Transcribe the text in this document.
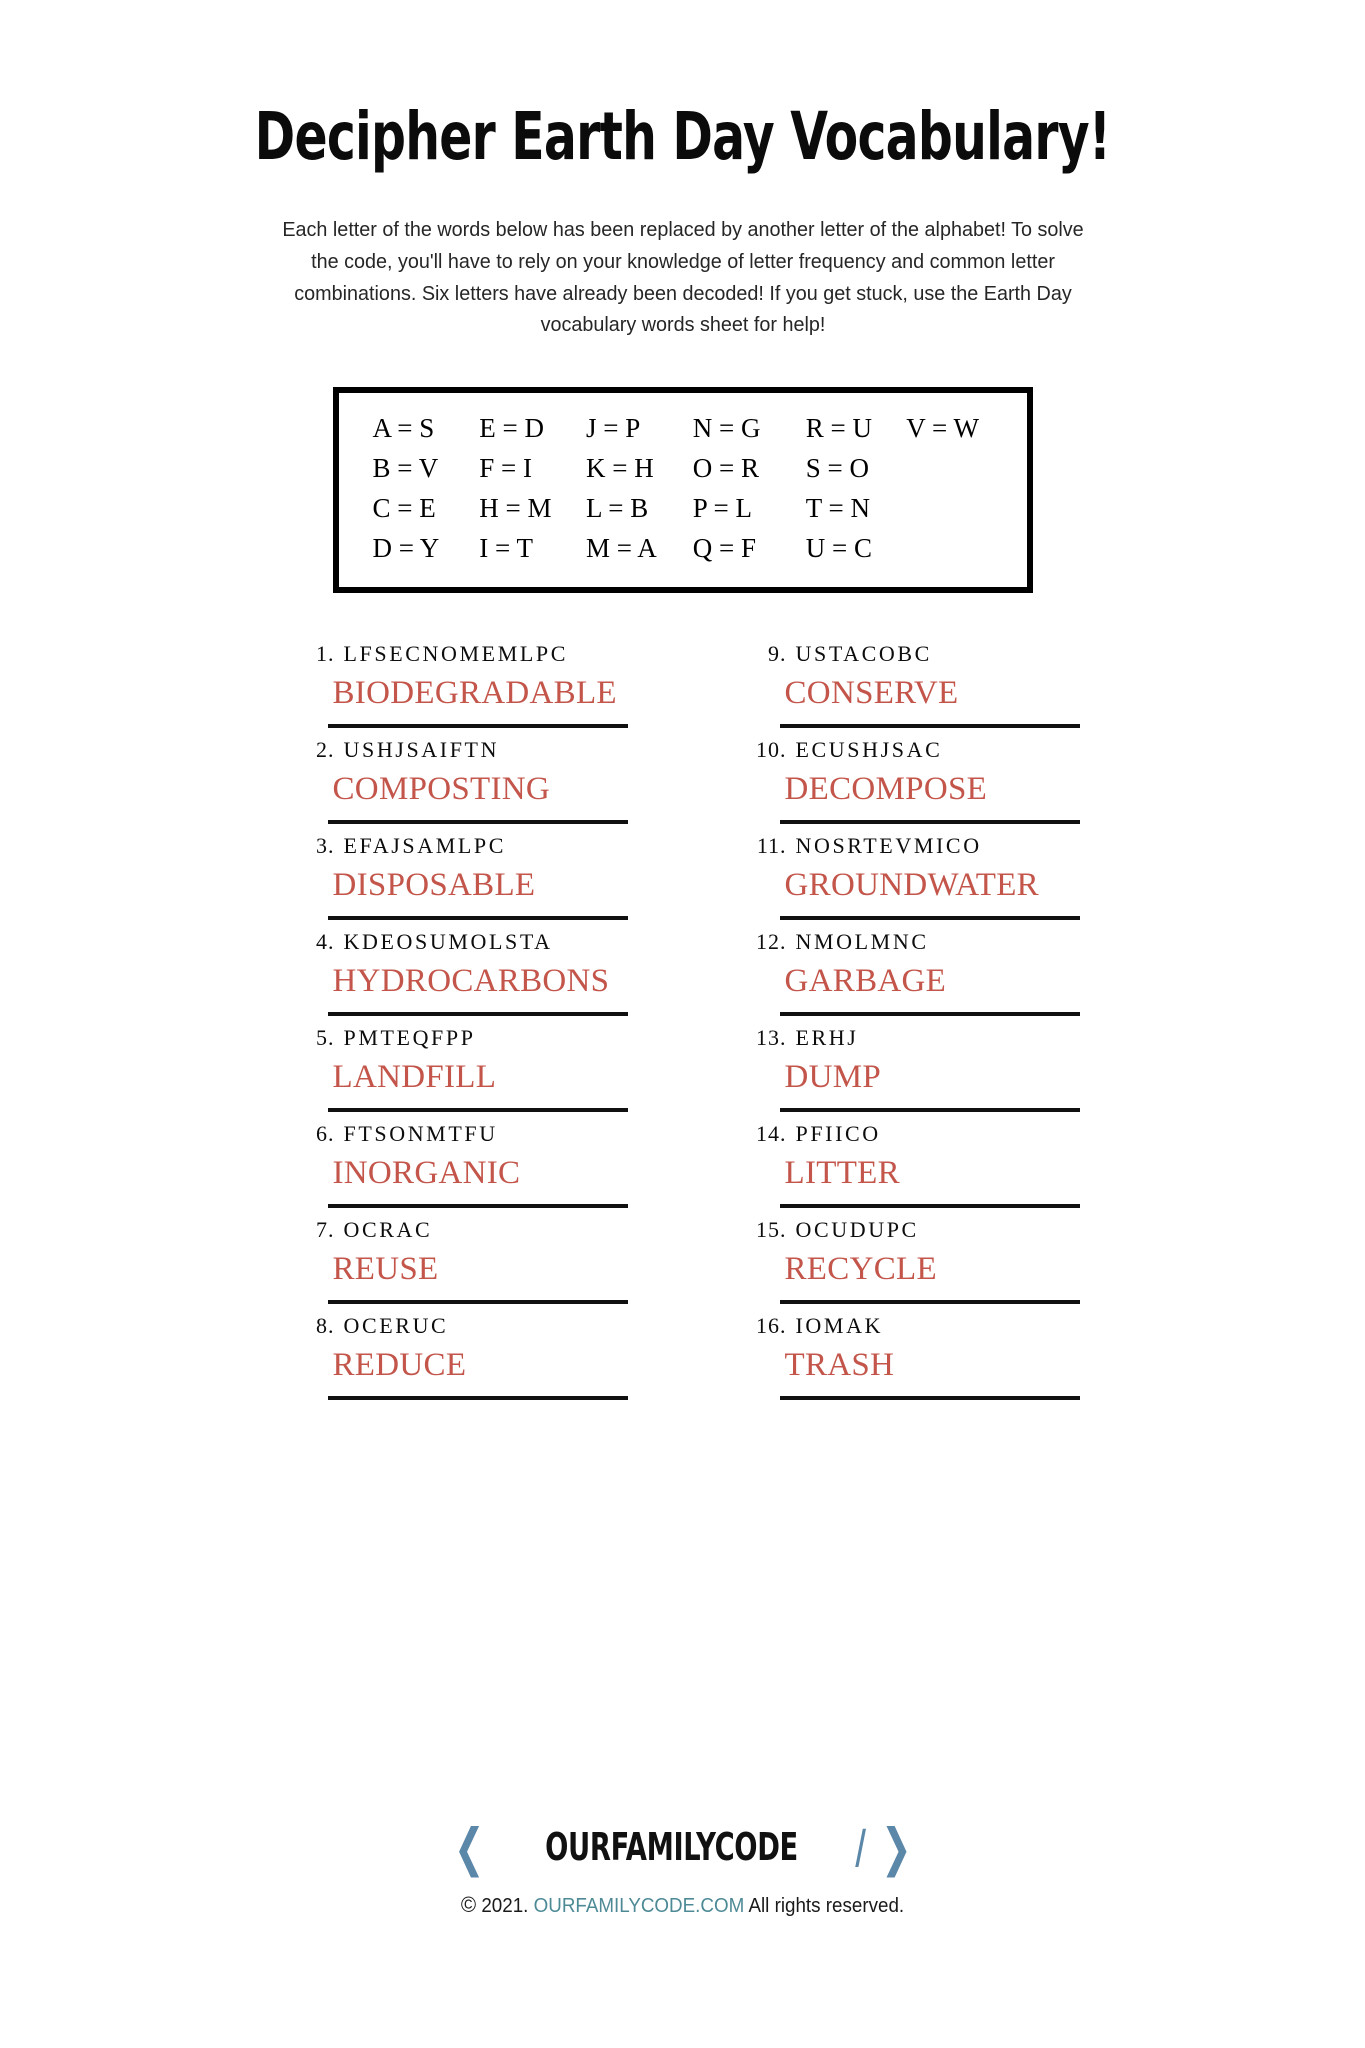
Decipher Earth Day Vocabulary!

Each letter of the words below has been replaced by another letter of the alphabet! To solve the code, you'll have to rely on your knowledge of letter frequency and common letter combinations. Six letters have already been decoded! If you get stuck, use the Earth Day vocabulary words sheet for help!

A = S	E = D	J = P	N = G	R = U	V = W
B = V	F = I	K = H	O = R	S = O	
C = E	H = M	L = B	P = L	T = N	
D = Y	I = T	M = A	Q = F	U = C	
1. LFSECNOMEMLPC
BIODEGRADABLE
2. USHJSAIFTN
COMPOSTING
3. EFAJSAMLPC
DISPOSABLE
4. KDEOSUMOLSTA
HYDROCARBONS
5. PMTEQFPP
LANDFILL
6. FTSONMTFU
INORGANIC
7. OCRAC
REUSE
8. OCERUC
REDUCE
9. USTACOBC
CONSERVE
10. ECUSHJSAC
DECOMPOSE
11. NOSRTEVMICO
GROUNDWATER
12. NMOLMNC
GARBAGE
13. ERHJ
DUMP
14. PFIICO
LITTER
15. OCUDUPC
RECYCLE
16. IOMAK
TRASH
❮ OURFAMILYCODE / ❯
© 2021. OURFAMILYCODE.COM All rights reserved.
